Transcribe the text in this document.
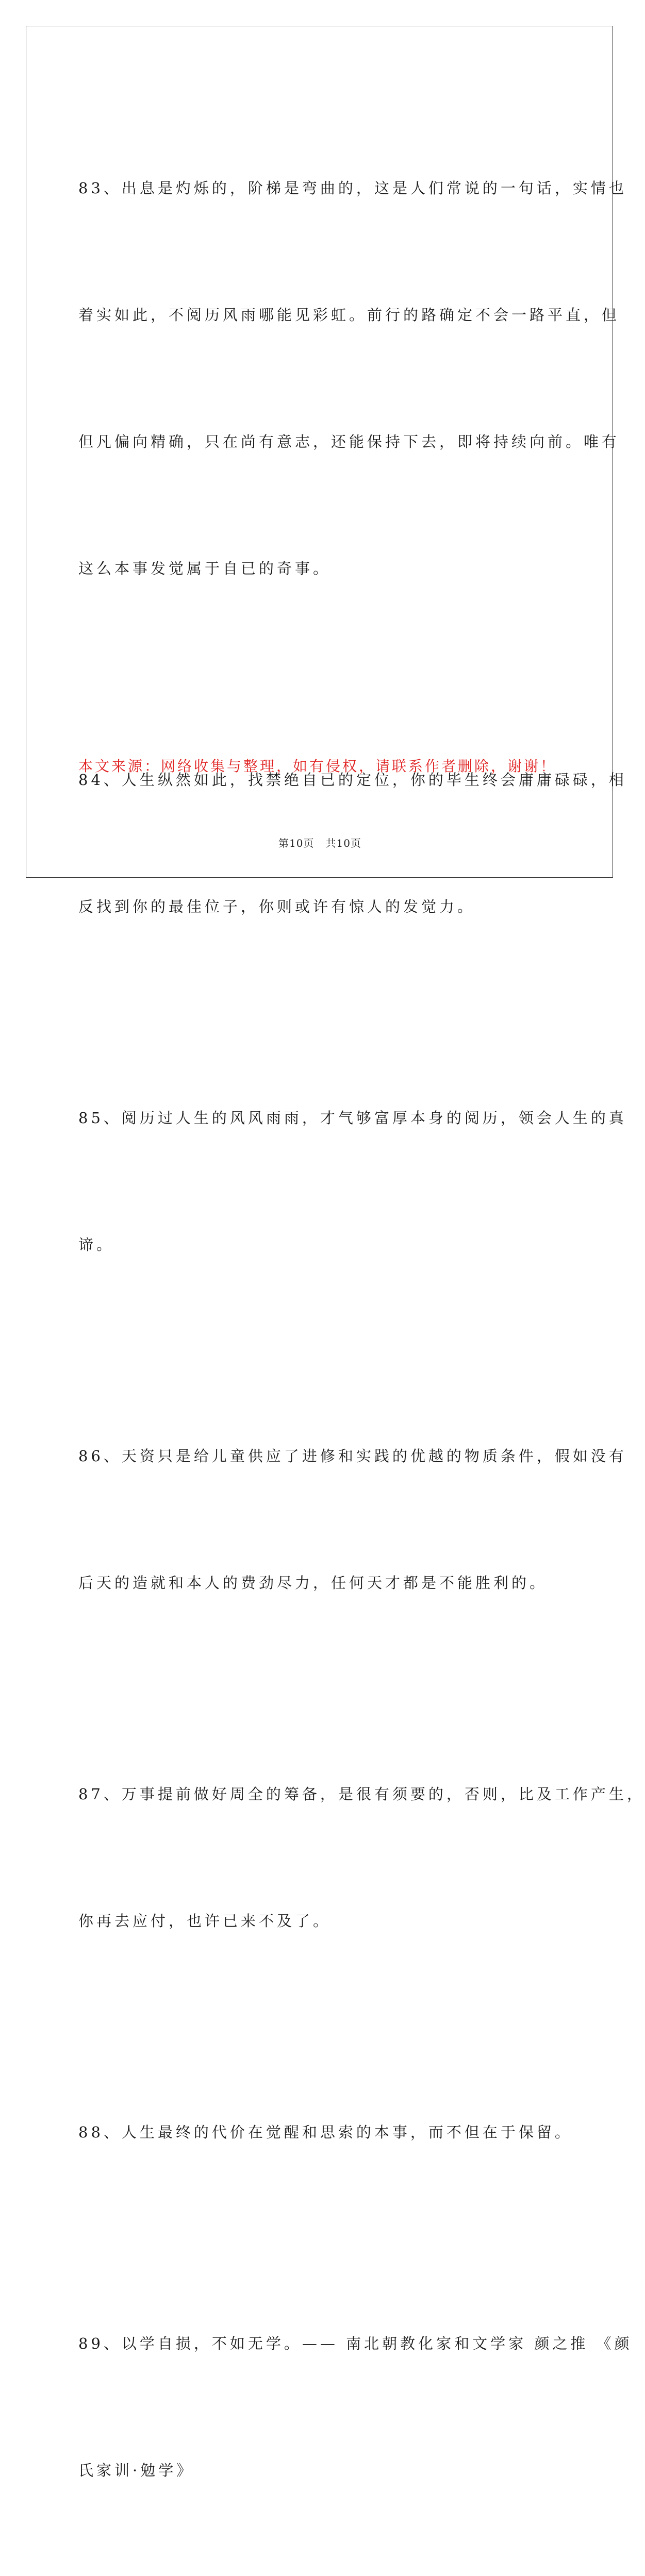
83、出息是灼烁的，阶梯是弯曲的，这是人们常说的一句话，实情也

着实如此，不阅历风雨哪能见彩虹。前行的路确定不会一路平直，但

但凡偏向精确，只在尚有意志，还能保持下去，即将持续向前。唯有

这么本事发觉属于自已的奇事。

84、人生纵然如此，找禁绝自已的定位，你的毕生终会庸庸碌碌，相

反找到你的最佳位子，你则或许有惊人的发觉力。

85、阅历过人生的风风雨雨，才气够富厚本身的阅历，领会人生的真

谛。

86、天资只是给儿童供应了进修和实践的优越的物质条件，假如没有

后天的造就和本人的费劲尽力，任何天才都是不能胜利的。

87、万事提前做好周全的筹备，是很有须要的，否则，比及工作产生，

你再去应付，也许已来不及了。

88、人生最终的代价在觉醒和思索的本事，而不但在于保留。

89、以学自损，不如无学。—— 南北朝教化家和文学家 颜之推 《颜

氏家训·勉学》

本文来源：网络收集与整理，如有侵权，请联系作者删除，谢谢！
第10页 共10页
